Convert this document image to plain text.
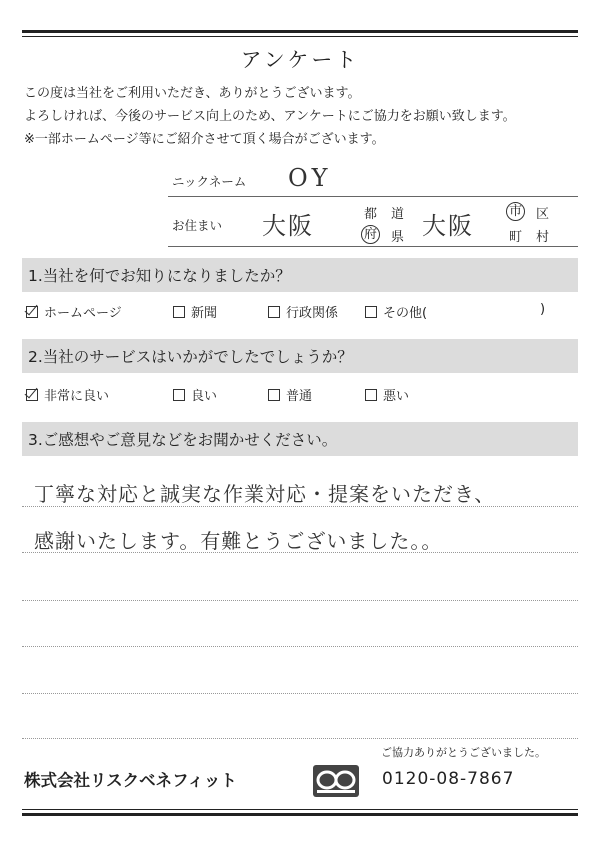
アンケート
この度は当社をご利用いただき、ありがとうございます。
よろしければ、今後のサービス向上のため、アンケートにご協力をお願い致します。
※一部ホームページ等にご紹介させて頂く場合がございます。
ニックネーム OY
お住まい 大阪	都 道
府 県 大阪
市 区
町 村
1.当社を何でお知りになりましたか？
ホームページ	新聞	行政関係	その他(	)
2.当社のサービスはいかがでしたでしょうか？
非常に良い	良い	普通	悪い
3.ご感想やご意見などをお聞かせください。
丁寧な対応と誠実な作業対応・提案をいただき、
感謝いたします。有難とうございました。。
ご協力ありがとうございました。
株式会社リスクベネフィット	0120-08-7867
